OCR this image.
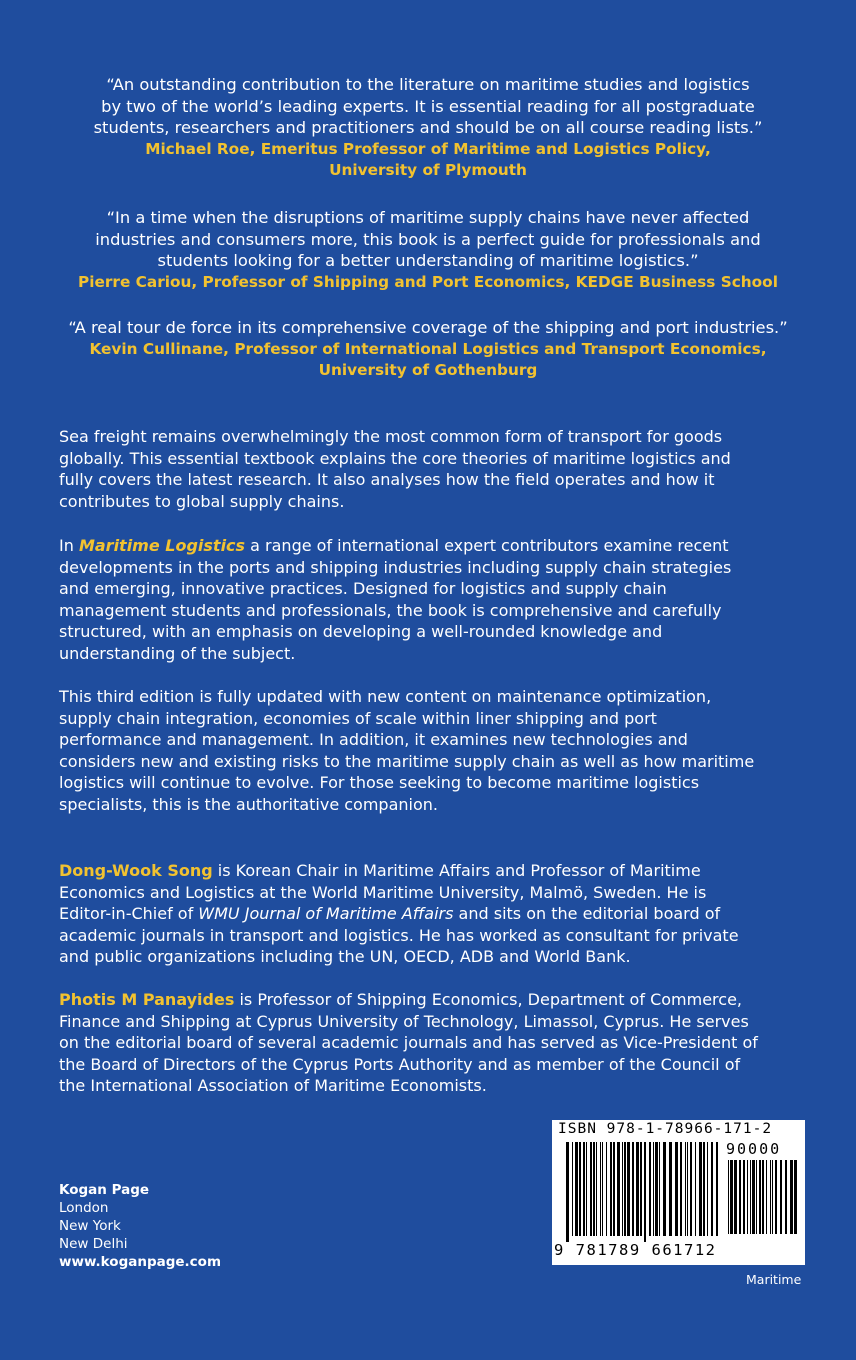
“An outstanding contribution to the literature on maritime studies and logistics

by two of the world’s leading experts. It is essential reading for all postgraduate

students, researchers and practitioners and should be on all course reading lists.”

Michael Roe, Emeritus Professor of Maritime and Logistics Policy,

University of Plymouth

“In a time when the disruptions of maritime supply chains have never affected

industries and consumers more, this book is a perfect guide for professionals and

students looking for a better understanding of maritime logistics.”

Pierre Cariou, Professor of Shipping and Port Economics, KEDGE Business School

“A real tour de force in its comprehensive coverage of the shipping and port industries.”

Kevin Cullinane, Professor of International Logistics and Transport Economics,

University of Gothenburg

Sea freight remains overwhelmingly the most common form of transport for goods
globally. This essential textbook explains the core theories of maritime logistics and
fully covers the latest research. It also analyses how the field operates and how it
contributes to global supply chains.
In Maritime Logistics a range of international expert contributors examine recent
developments in the ports and shipping industries including supply chain strategies
and emerging, innovative practices. Designed for logistics and supply chain
management students and professionals, the book is comprehensive and carefully
structured, with an emphasis on developing a well-rounded knowledge and
understanding of the subject.
This third edition is fully updated with new content on maintenance optimization,
supply chain integration, economies of scale within liner shipping and port
performance and management. In addition, it examines new technologies and
considers new and existing risks to the maritime supply chain as well as how maritime
logistics will continue to evolve. For those seeking to become maritime logistics
specialists, this is the authoritative companion.
Dong-Wook Song is Korean Chair in Maritime Affairs and Professor of Maritime
Economics and Logistics at the World Maritime University, Malmö, Sweden. He is
Editor-in-Chief of WMU Journal of Maritime Affairs and sits on the editorial board of
academic journals in transport and logistics. He has worked as consultant for private
and public organizations including the UN, OECD, ADB and World Bank.
Photis M Panayides is Professor of Shipping Economics, Department of Commerce,
Finance and Shipping at Cyprus University of Technology, Limassol, Cyprus. He serves
on the editorial board of several academic journals and has served as Vice-President of
the Board of Directors of the Cyprus Ports Authority and as member of the Council of
the International Association of Maritime Economists.
Kogan Page
London
New York
New Delhi
www.koganpage.com
ISBN 978-1-78966-171-2
90000
9 781789 661712
Maritime
